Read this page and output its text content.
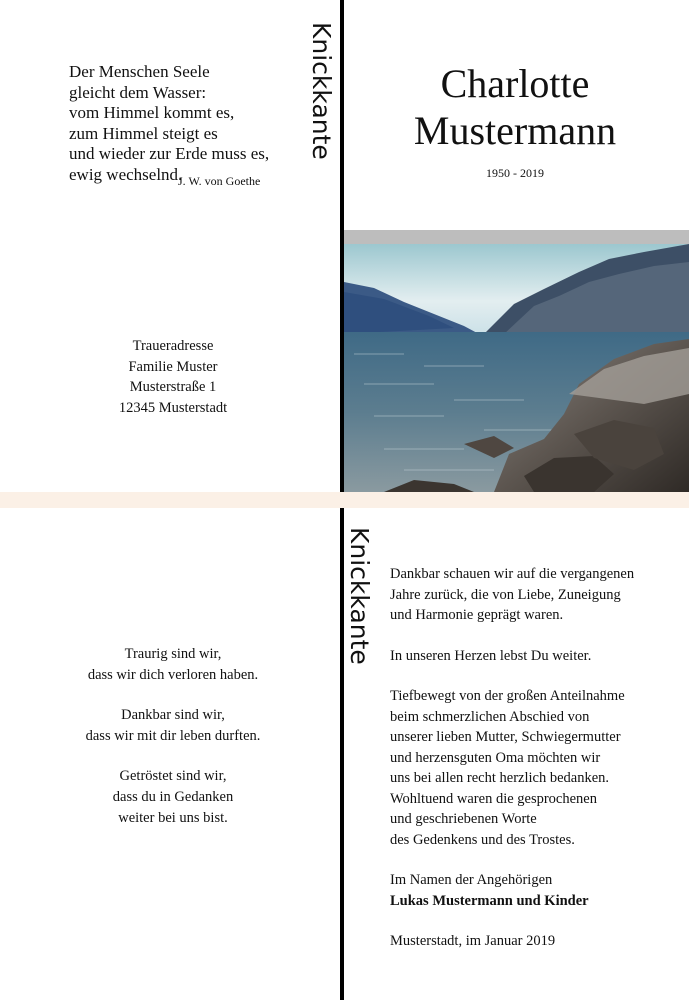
Knickkante
Knickkante
Der Menschen Seele
gleicht dem Wasser:
vom Himmel kommt es,
zum Himmel steigt es
und wieder zur Erde muss es,
ewig wechselnd.
J. W. von Goethe
Traueradresse
Familie Muster
Musterstraße 1
12345 Musterstadt
Charlotte
Mustermann
1950 - 2019
Traurig sind wir,
dass wir dich verloren haben.
Dankbar sind wir,
dass wir mit dir leben durften.
Getröstet sind wir,
dass du in Gedanken
weiter bei uns bist.
Dankbar schauen wir auf die vergangenen
Jahre zurück, die von Liebe, Zuneigung
und Harmonie geprägt waren.
In unseren Herzen lebst Du weiter.
Tiefbewegt von der großen Anteilnahme
beim schmerzlichen Abschied von
unserer lieben Mutter, Schwiegermutter
und herzensguten Oma möchten wir
uns bei allen recht herzlich bedanken.
Wohltuend waren die gesprochenen
und geschriebenen Worte
des Gedenkens und des Trostes.
Im Namen der Angehörigen
Lukas Mustermann und Kinder
Musterstadt, im Januar 2019
